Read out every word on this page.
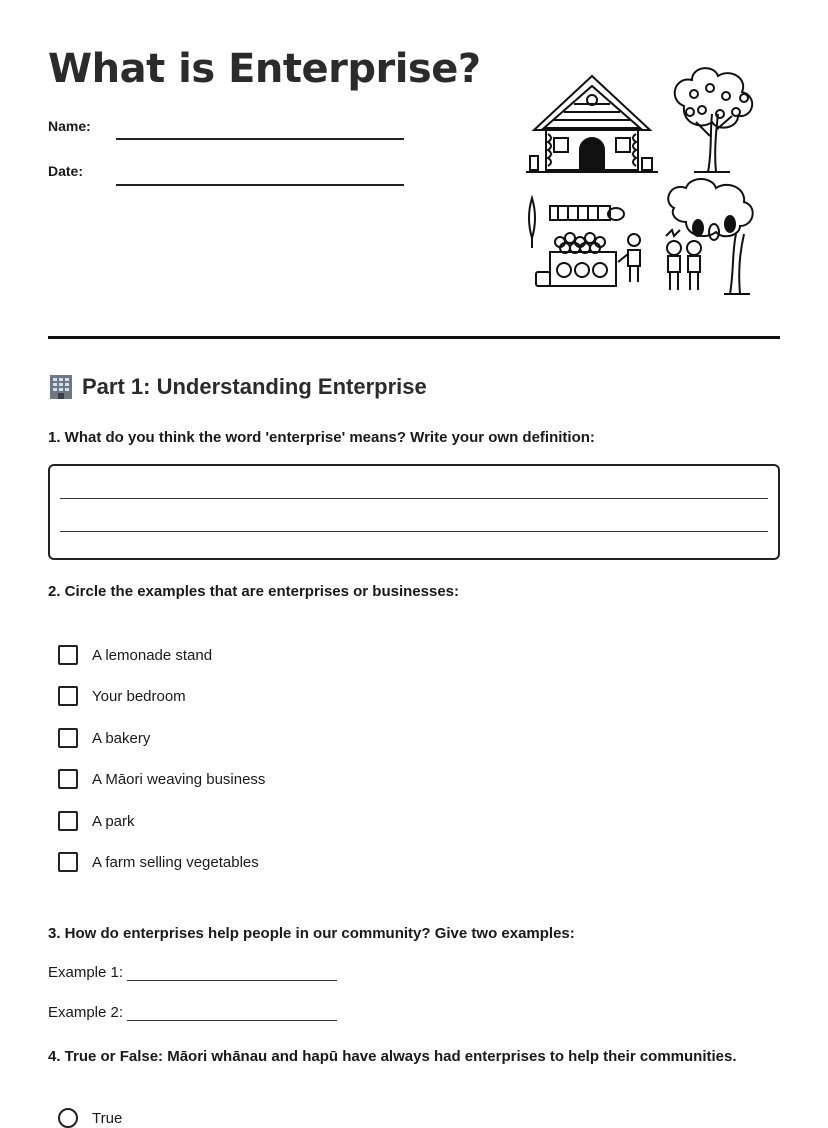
What is Enterprise?
Name:
Date:
Part 1: Understanding Enterprise

1. What do you think the word 'enterprise' means? Write your own definition:

2. Circle the examples that are enterprises or businesses:

A lemonade stand
Your bedroom
A bakery
A Māori weaving business
A park
A farm selling vegetables

3. How do enterprises help people in our community? Give two examples:

Example 1:
Example 2:

4. True or False: Māori whānau and hapū have always had enterprises to help their communities.

True
